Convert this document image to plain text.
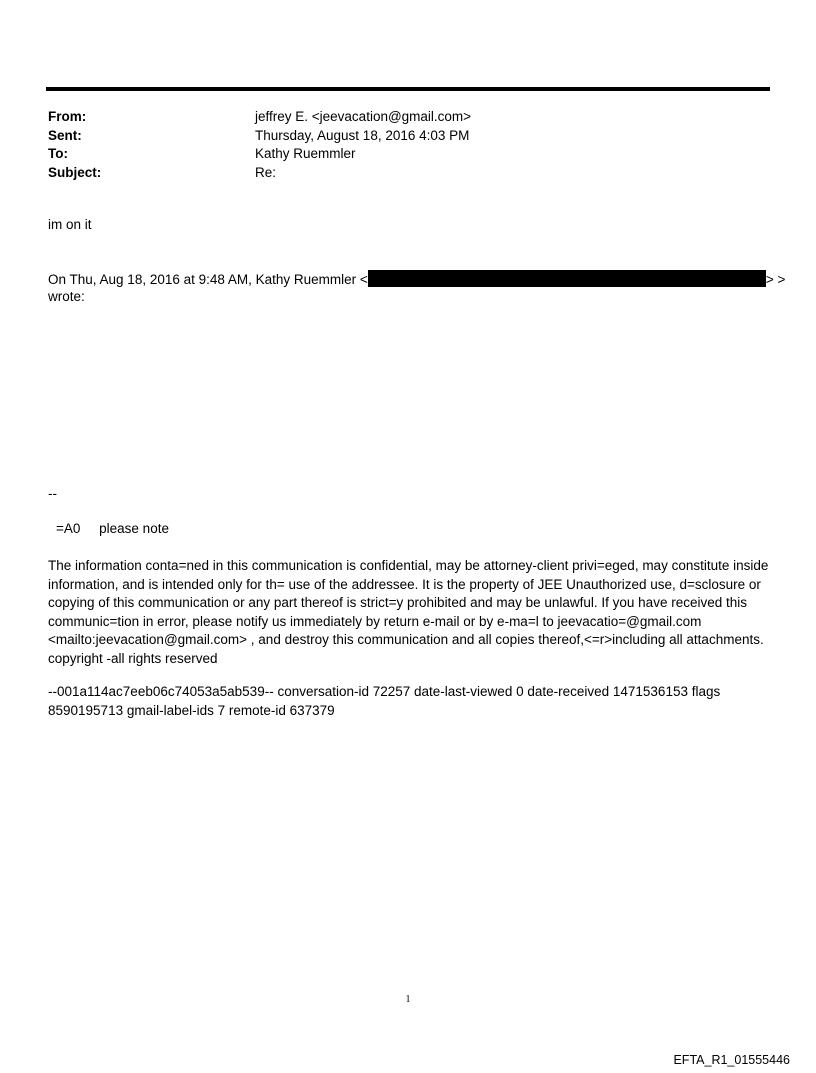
From:	jeffrey E. <jeevacation@gmail.com>
Sent:	Thursday, August 18, 2016 4:03 PM
To:	Kathy Ruemmler
Subject:	Re:
im on it
On Thu, Aug 18, 2016 at 9:48 AM, Kathy Ruemmler <	> >
wrote:
--
=A0     please note
The information conta=ned in this communication is confidential, may be attorney-client privi=eged, may constitute inside information, and is intended only for th= use of the addressee. It is the property of JEE Unauthorized use, d=sclosure or copying of this communication or any part thereof is strict=y prohibited and may be unlawful. If you have received this communic=tion in error, please notify us immediately by return e-mail or by e-ma=l to jeevacatio=@gmail.com <mailto:jeevacation@gmail.com> , and destroy this communication and all copies thereof,<=r>including all attachments. copyright -all rights reserved
--001a114ac7eeb06c74053a5ab539-- conversation-id 72257 date-last-viewed 0 date-received 1471536153 flags 8590195713 gmail-label-ids 7 remote-id 637379
1
EFTA_R1_01555446
